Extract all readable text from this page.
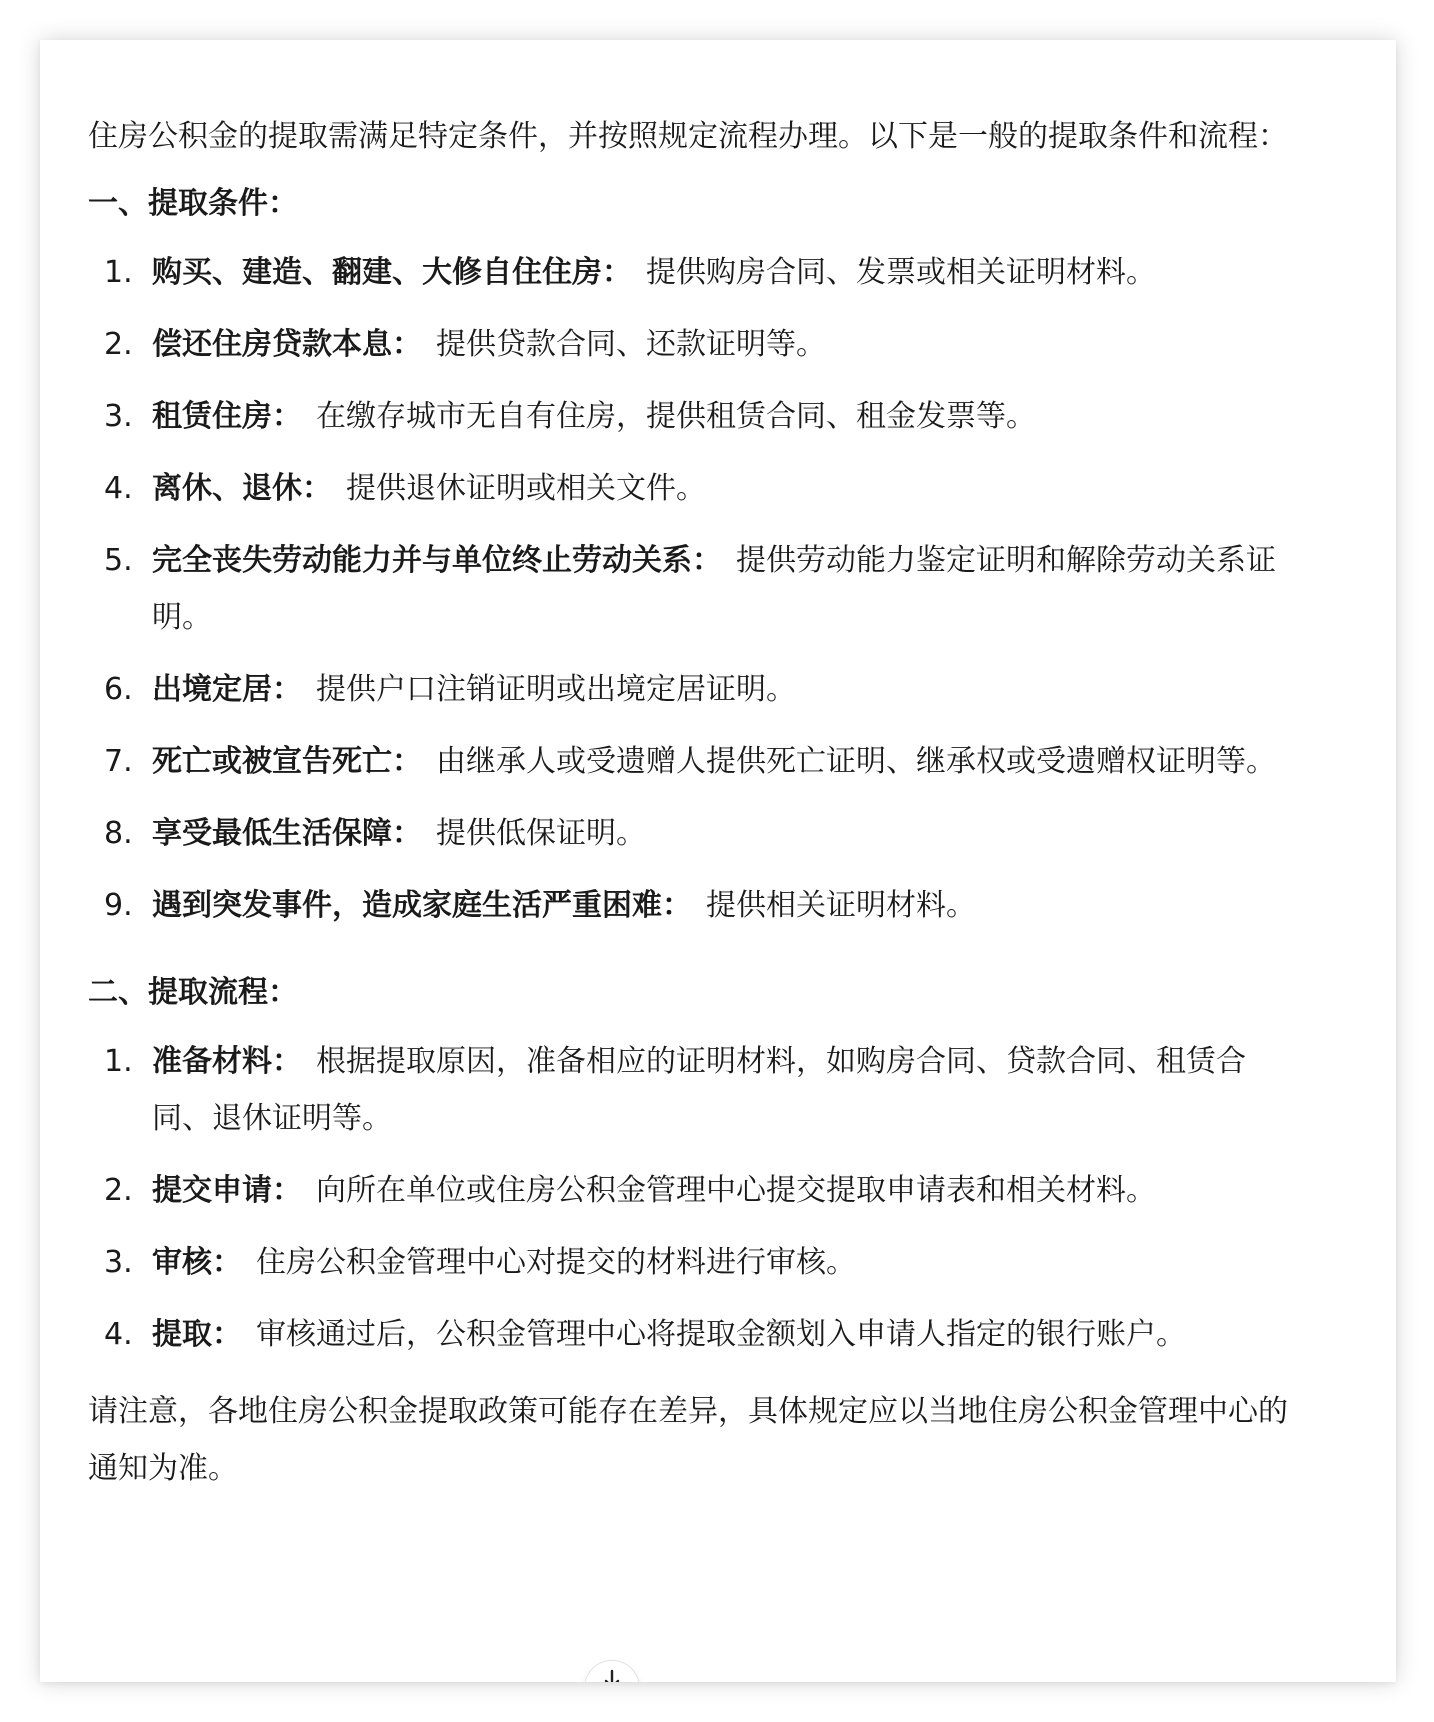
住房公积金的提取需满足特定条件，并按照规定流程办理。以下是一般的提取条件和流程：

一、提取条件：

1. 购买、建造、翻建、大修自住住房： 提供购房合同、发票或相关证明材料。
2. 偿还住房贷款本息： 提供贷款合同、还款证明等。
3. 租赁住房： 在缴存城市无自有住房，提供租赁合同、租金发票等。
4. 离休、退休： 提供退休证明或相关文件。
5. 完全丧失劳动能力并与单位终止劳动关系： 提供劳动能力鉴定证明和解除劳动关系证明。
6. 出境定居： 提供户口注销证明或出境定居证明。
7. 死亡或被宣告死亡： 由继承人或受遗赠人提供死亡证明、继承权或受遗赠权证明等。
8. 享受最低生活保障： 提供低保证明。
9. 遇到突发事件，造成家庭生活严重困难： 提供相关证明材料。

二、提取流程：

1. 准备材料： 根据提取原因，准备相应的证明材料，如购房合同、贷款合同、租赁合同、退休证明等。
2. 提交申请： 向所在单位或住房公积金管理中心提交提取申请表和相关材料。
3. 审核： 住房公积金管理中心对提交的材料进行审核。
4. 提取： 审核通过后，公积金管理中心将提取金额划入申请人指定的银行账户。

请注意，各地住房公积金提取政策可能存在差异，具体规定应以当地住房公积金管理中心的通知为准。
